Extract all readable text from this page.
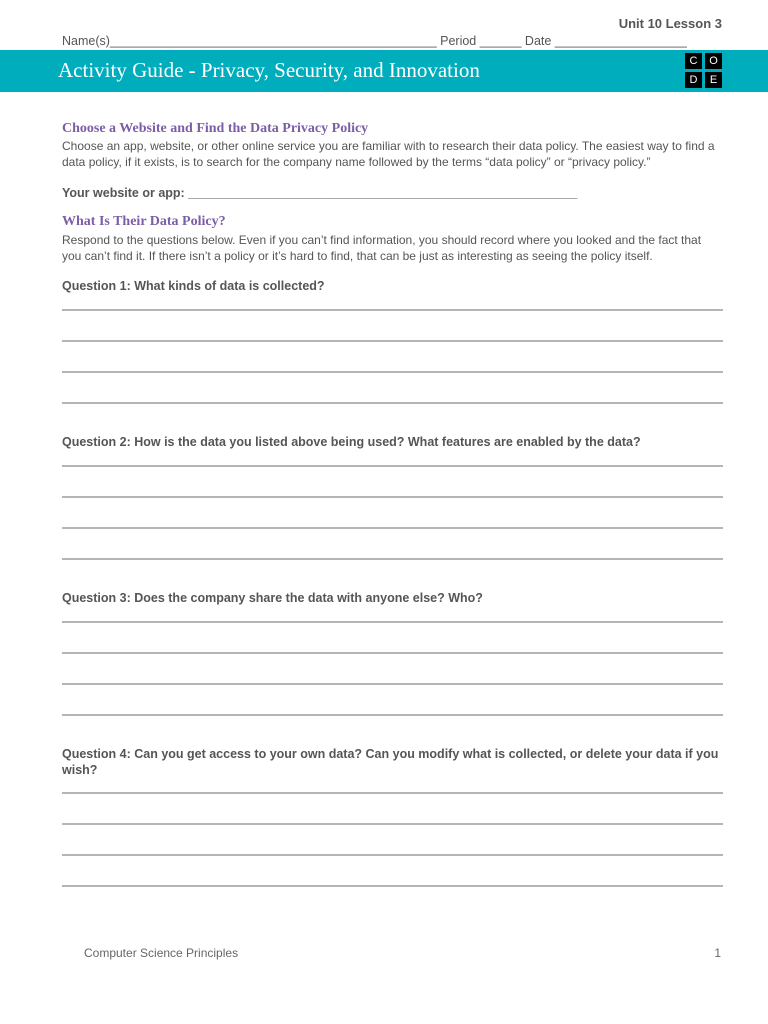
Unit 10 Lesson 3
Name(s)_______________________________________________ Period ______ Date ___________________
Activity Guide - Privacy, Security, and Innovation	C	O
D	E
Choose a Website and Find the Data Privacy Policy
Choose an app, website, or other online service you are familiar with to research their data policy. The easiest way to find a data policy, if it exists, is to search for the company name followed by the terms “data policy” or “privacy policy.”
Your website or app: ________________________________________________________
What Is Their Data Policy?
Respond to the questions below. Even if you can’t find information, you should record where you looked and the fact that you can’t find it. If there isn’t a policy or it’s hard to find, that can be just as interesting as seeing the policy itself.
Question 1: What kinds of data is collected?
Question 2: How is the data you listed above being used? What features are enabled by the data?
Question 3: Does the company share the data with anyone else? Who?
Question 4: Can you get access to your own data? Can you modify what is collected, or delete your data if you wish?
Computer Science Principles	1
